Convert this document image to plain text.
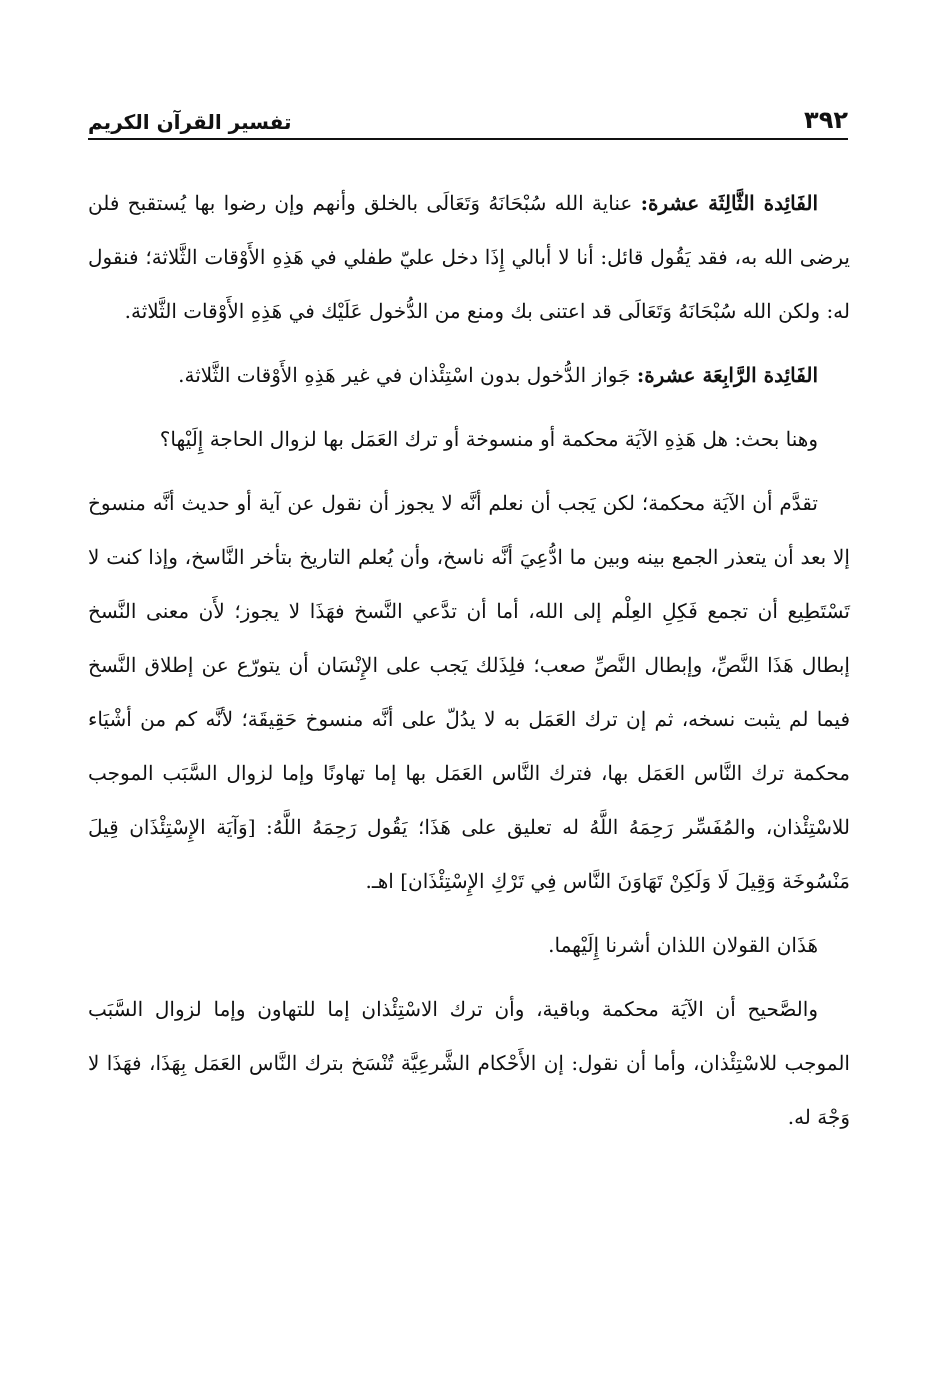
٣٩٢
تفسير القرآن الكريم

الفَائِدة الثَّالِثَة عشرة: عناية الله سُبْحَانَهُ وَتَعَالَى بالخلق وأنهم وإن رضوا بها يُستقبح فلن يرضى الله به، فقد يَقُول قائل: أنا لا أبالي إِذَا دخل عليّ طفلي في هَذِهِ الأَوْقات الثَّلاثة؛ فنقول له: ولكن الله سُبْحَانَهُ وَتَعَالَى قد اعتنى بك ومنع من الدُّخول عَلَيْك في هَذِهِ الأَوْقات الثَّلاثة.

الفَائِدة الرَّابِعَة عشرة: جَواز الدُّخول بدون اسْتِئْذان في غير هَذِهِ الأَوْقات الثَّلاثة.

وهنا بحث: هل هَذِهِ الآيَة محكمة أو منسوخة أو ترك العَمَل بها لزوال الحاجة إِلَيْها؟

تقدَّم أن الآيَة محكمة؛ لكن يَجب أن نعلم أنَّه لا يجوز أن نقول عن آية أو حديث أنَّه منسوخ إلا بعد أن يتعذر الجمع بينه وبين ما ادُّعِيَ أنَّه ناسخ، وأن يُعلم التاريخ بتأخر النَّاسخ، وإذا كنت لا تَسْتَطِيع أن تجمع فَكِلِ العِلْم إلى الله، أما أن تدَّعي النَّسخ فهَذَا لا يجوز؛ لأَن معنى النَّسخ إبطال هَذَا النَّصِّ، وإبطال النَّصِّ صعب؛ فلِذَلك يَجب على الإِنْسَان أن يتورّع عن إطلاق النَّسخ فيما لم يثبت نسخه، ثم إن ترك العَمَل به لا يدُلّ على أنَّه منسوخ حَقِيقَة؛ لأنَّه كم من أشْيَاء محكمة ترك النَّاس العَمَل بها، فترك النَّاس العَمَل بها إما تهاونًا وإما لزوال السَّبَب الموجب للاسْتِئْذان، والمُفَسِّر رَحِمَهُ اللَّهُ له تعليق على هَذَا؛ يَقُول رَحِمَهُ اللَّهُ: [وَآيَة الإِسْتِئْذَان قِيلَ مَنْسُوخَة وَقِيلَ لَا وَلَكِنْ تَهَاوَنَ النَّاس فِي تَرْكِ الإِسْتِئْذَان] اهـ.

هَذَان القولان اللذان أشرنا إِلَيْهما.

والصَّحيح أن الآيَة محكمة وباقية، وأن ترك الاسْتِئْذان إما للتهاون وإما لزوال السَّبَب الموجب للاسْتِئْذان، وأما أن نقول: إن الأَحْكام الشَّرعِيَّة تُنْسَخ بترك النَّاس العَمَل بِهَذَا، فهَذَا لا وَجْهَ له.
